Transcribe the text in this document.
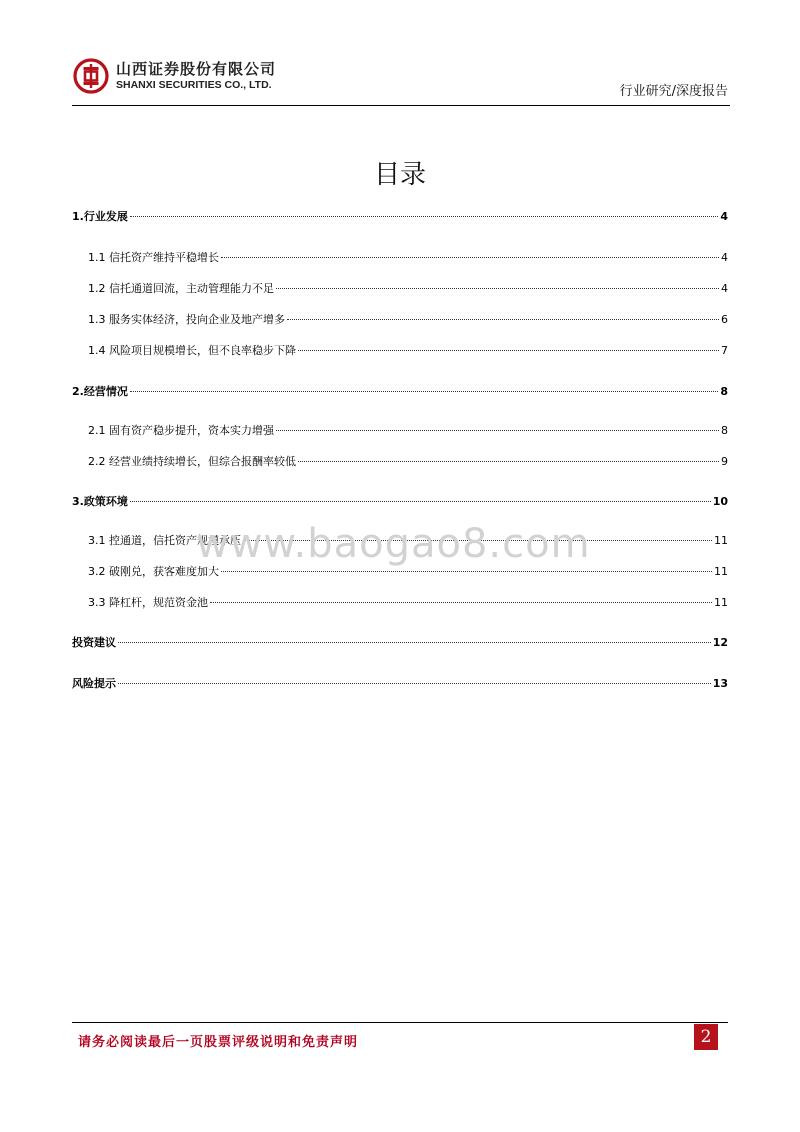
山西证券股份有限公司
SHANXI SECURITIES CO., LTD.	行业研究/深度报告
目录
1.行业发展	4
1.1 信托资产维持平稳增长	4
1.2 信托通道回流，主动管理能力不足	4
1.3 服务实体经济，投向企业及地产增多	6
1.4 风险项目规模增长，但不良率稳步下降	7
2.经营情况	8
2.1 固有资产稳步提升，资本实力增强	8
2.2 经营业绩持续增长，但综合报酬率较低	9
3.政策环境	10
3.1 控通道，信托资产规模承压	11
3.2 破刚兑，获客难度加大	11
3.3 降杠杆，规范资金池	11
投资建议	12
风险提示	13
www.baogao8.com
请务必阅读最后一页股票评级说明和免责声明	2
